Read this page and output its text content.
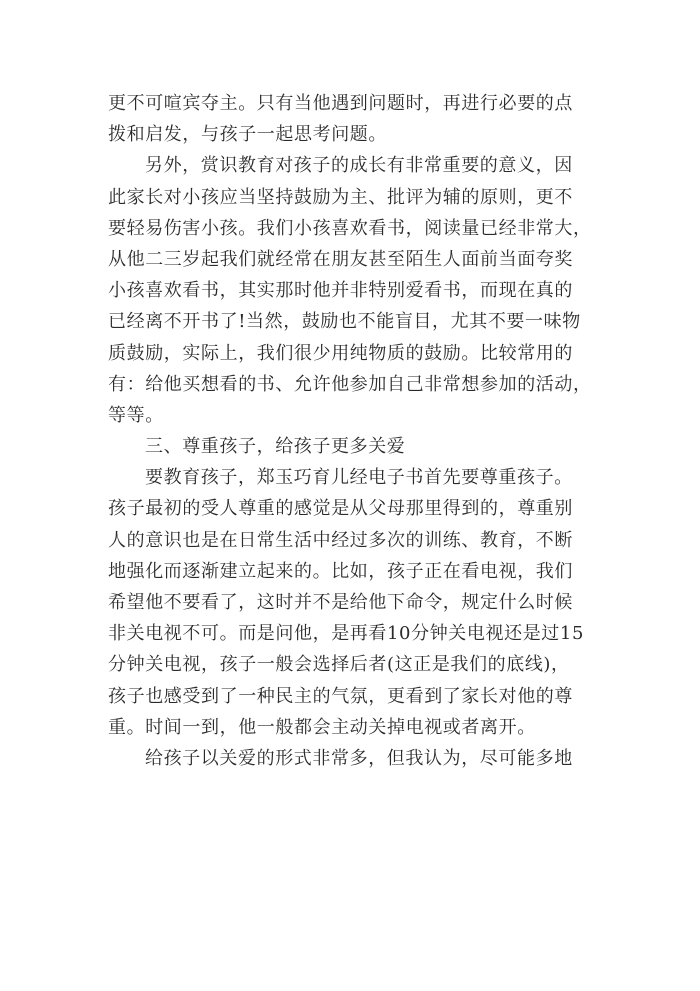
更不可喧宾夺主。只有当他遇到问题时，再进行必要的点
拨和启发，与孩子一起思考问题。
另外，赏识教育对孩子的成长有非常重要的意义，因
此家长对小孩应当坚持鼓励为主、批评为辅的原则，更不
要轻易伤害小孩。我们小孩喜欢看书，阅读量已经非常大，
从他二三岁起我们就经常在朋友甚至陌生人面前当面夸奖
小孩喜欢看书，其实那时他并非特别爱看书，而现在真的
已经离不开书了!当然，鼓励也不能盲目，尤其不要一味物
质鼓励，实际上，我们很少用纯物质的鼓励。比较常用的
有：给他买想看的书、允许他参加自己非常想参加的活动，
等等。
三、尊重孩子，给孩子更多关爱
要教育孩子，郑玉巧育儿经电子书首先要尊重孩子。
孩子最初的受人尊重的感觉是从父母那里得到的，尊重别
人的意识也是在日常生活中经过多次的训练、教育，不断
地强化而逐渐建立起来的。比如，孩子正在看电视，我们
希望他不要看了，这时并不是给他下命令，规定什么时候
非关电视不可。而是问他，是再看10分钟关电视还是过15
分钟关电视，孩子一般会选择后者(这正是我们的底线)，
孩子也感受到了一种民主的气氛，更看到了家长对他的尊
重。时间一到，他一般都会主动关掉电视或者离开。
给孩子以关爱的形式非常多，但我认为，尽可能多地
